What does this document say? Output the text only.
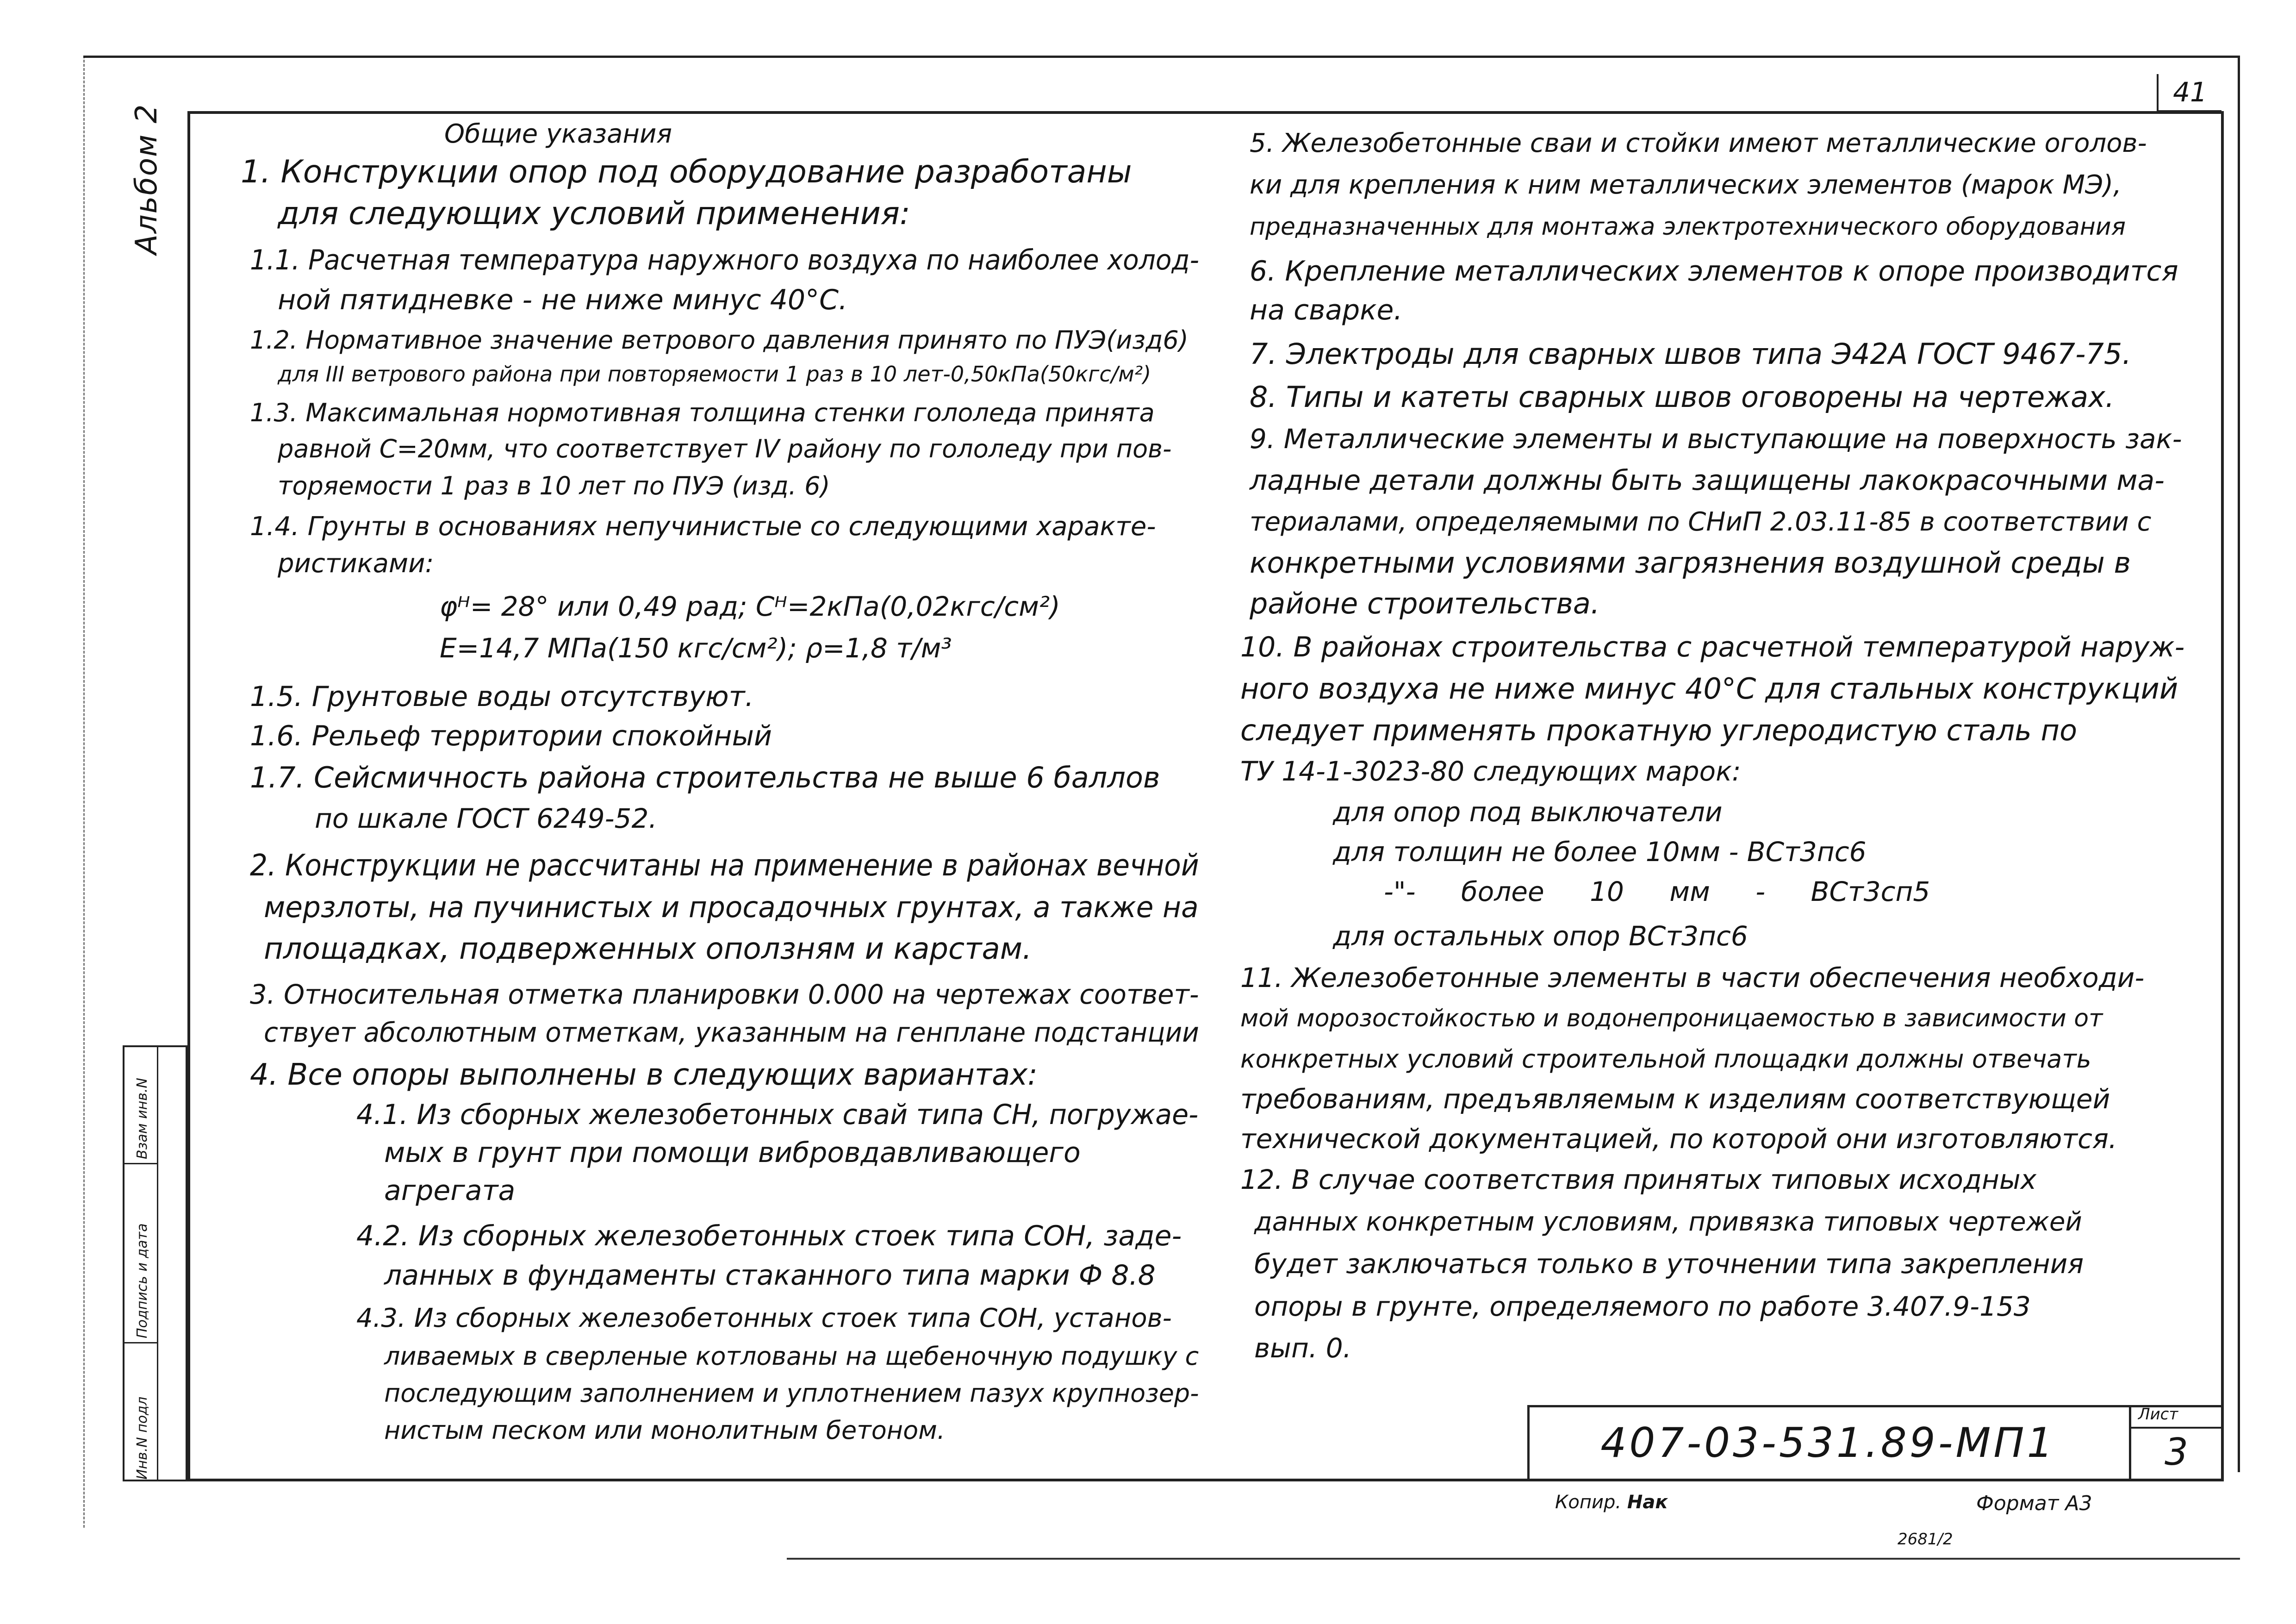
41
Альбом 2
Инв.N подл
Подпись и дата
Взам инв.N
Общие указания
1. Конструкции опор под оборудование разработаны
для следующих условий применения:
1.1. Расчетная температура наружного воздуха по наиболее холод-
ной пятидневке - не ниже минус 40°С.
1.2. Нормативное значение ветрового давления принято по ПУЭ(изд6)
для III ветрового района при повторяемости 1 раз в 10 лет-0,50кПа(50кгс/м²)
1.3. Максимальная нормотивная толщина стенки гололеда принята
равной С=20мм, что соответствует IV району по гололеду при пов-
торяемости 1 раз в 10 лет по ПУЭ (изд. 6)
1.4. Грунты в основаниях непучинистые со следующими характе-
ристиками:
φᴴ= 28° или 0,49 рад; Сᴴ=2кПа(0,02кгс/см²)
Е=14,7 МПа(150 кгс/см²); ρ=1,8 т/м³
1.5. Грунтовые воды отсутствуют.
1.6. Рельеф территории спокойный
1.7. Сейсмичность района строительства не выше 6 баллов
по шкале ГОСТ 6249-52.
2. Конструкции не рассчитаны на применение в районах вечной
мерзлоты, на пучинистых и просадочных грунтах, а также на
площадках, подверженных оползням и карстам.
3. Относительная отметка планировки 0.000 на чертежах соответ-
ствует абсолютным отметкам, указанным на генплане подстанции
4. Все опоры выполнены в следующих вариантах:
4.1. Из сборных железобетонных свай типа СН, погружае-
мых в грунт при помощи вибровдавливающего
агрегата
4.2. Из сборных железобетонных стоек типа СОН, заде-
ланных в фундаменты стаканного типа марки Ф 8.8
4.3. Из сборных железобетонных стоек типа СОН, установ-
ливаемых в сверленые котлованы на щебеночную подушку с
последующим заполнением и уплотнением пазух крупнозер-
нистым песком или монолитным бетоном.
5. Железобетонные сваи и стойки имеют металлические оголов-
ки для крепления к ним металлических элементов (марок МЭ),
предназначенных для монтажа электротехнического оборудования
6. Крепление металлических элементов к опоре производится
на сварке.
7. Электроды для сварных швов типа Э42А ГОСТ 9467-75.
8. Типы и катеты сварных швов оговорены на чертежах.
9. Металлические элементы и выступающие на поверхность зак-
ладные детали должны быть защищены лакокрасочными ма-
териалами, определяемыми по СНиП 2.03.11-85 в соответствии с
конкретными условиями загрязнения воздушной среды в
районе строительства.
10. В районах строительства с расчетной температурой наруж-
ного воздуха не ниже минус 40°С для стальных конструкций
следует применять прокатную углеродистую сталь по
ТУ 14-1-3023-80 следующих марок:
для опор под выключатели
для толщин не более 10мм - ВСт3пс6
-"- более 10 мм - ВСт3сп5
для остальных опор ВСт3пс6
11. Железобетонные элементы в части обеспечения необходи-
мой морозостойкостью и водонепроницаемостью в зависимости от
конкретных условий строительной площадки должны отвечать
требованиям, предъявляемым к изделиям соответствующей
технической документацией, по которой они изготовляются.
12. В случае соответствия принятых типовых исходных
данных конкретным условиям, привязка типовых чертежей
будет заключаться только в уточнении типа закрепления
опоры в грунте, определяемого по работе 3.407.9-153
вып. 0.
407-03-531.89-МП1
Лист
3
Копир. Нак	Формат А3
2681/2
